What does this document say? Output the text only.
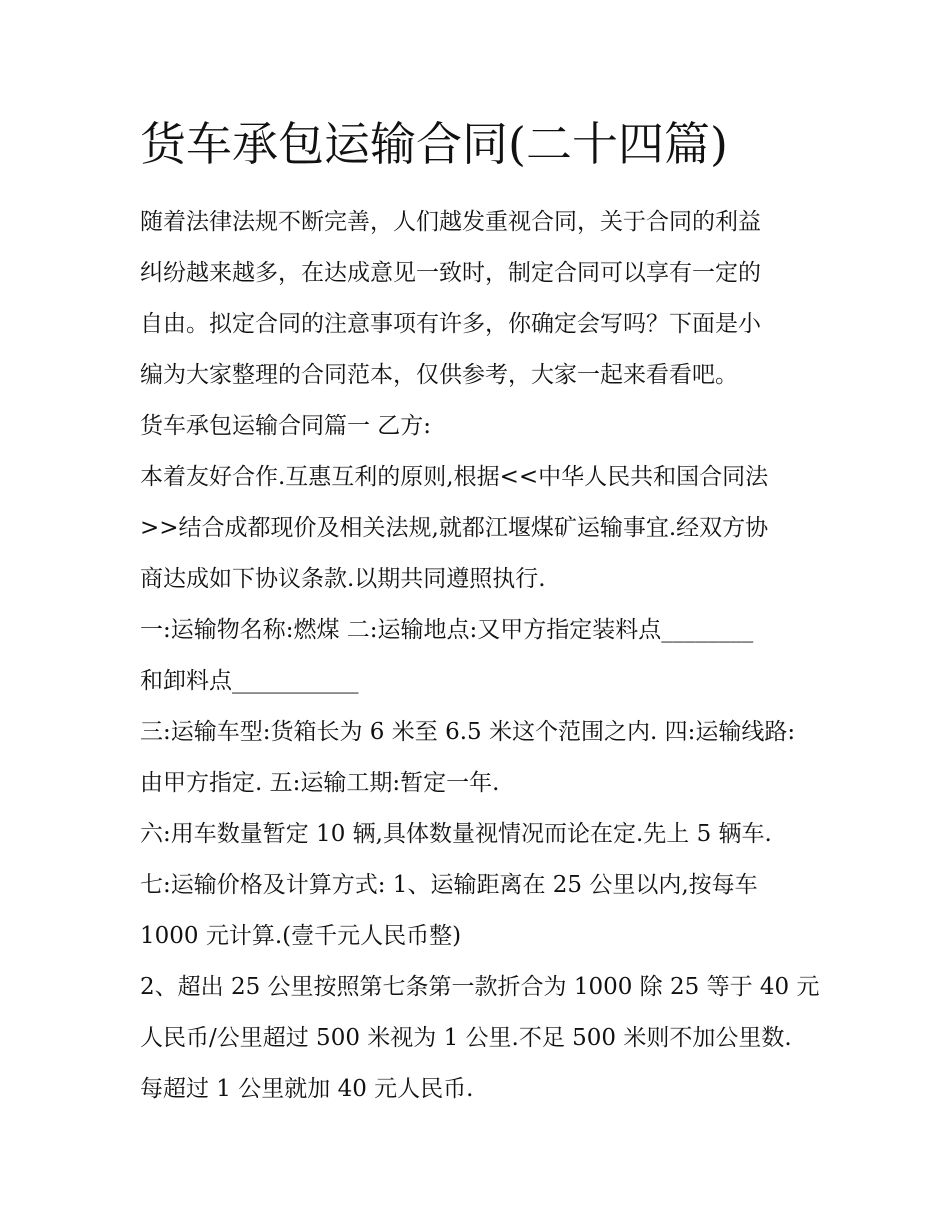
货车承包运输合同(二十四篇)

随着法律法规不断完善，人们越发重视合同，关于合同的利益

纠纷越来越多，在达成意见一致时，制定合同可以享有一定的

自由。拟定合同的注意事项有许多，你确定会写吗？下面是小

编为大家整理的合同范本，仅供参考，大家一起来看看吧。

货车承包运输合同篇一 乙方:

本着友好合作.互惠互利的原则,根据<<中华人民共和国合同法

>>结合成都现价及相关法规,就都江堰煤矿运输事宜.经双方协

商达成如下协议条款.以期共同遵照执行.

一:运输物名称:燃煤 二:运输地点:又甲方指定装料点________

和卸料点___________

三:运输车型:货箱长为 6 米至 6.5 米这个范围之内. 四:运输线路:

由甲方指定. 五:运输工期:暂定一年.

六:用车数量暂定 10 辆,具体数量视情况而论在定.先上 5 辆车.

七:运输价格及计算方式: 1、运输距离在 25 公里以内,按每车

1000 元计算.(壹千元人民币整)

2、超出 25 公里按照第七条第一款折合为 1000 除 25 等于 40 元

人民币/公里超过 500 米视为 1 公里.不足 500 米则不加公里数.

每超过 1 公里就加 40 元人民币.
